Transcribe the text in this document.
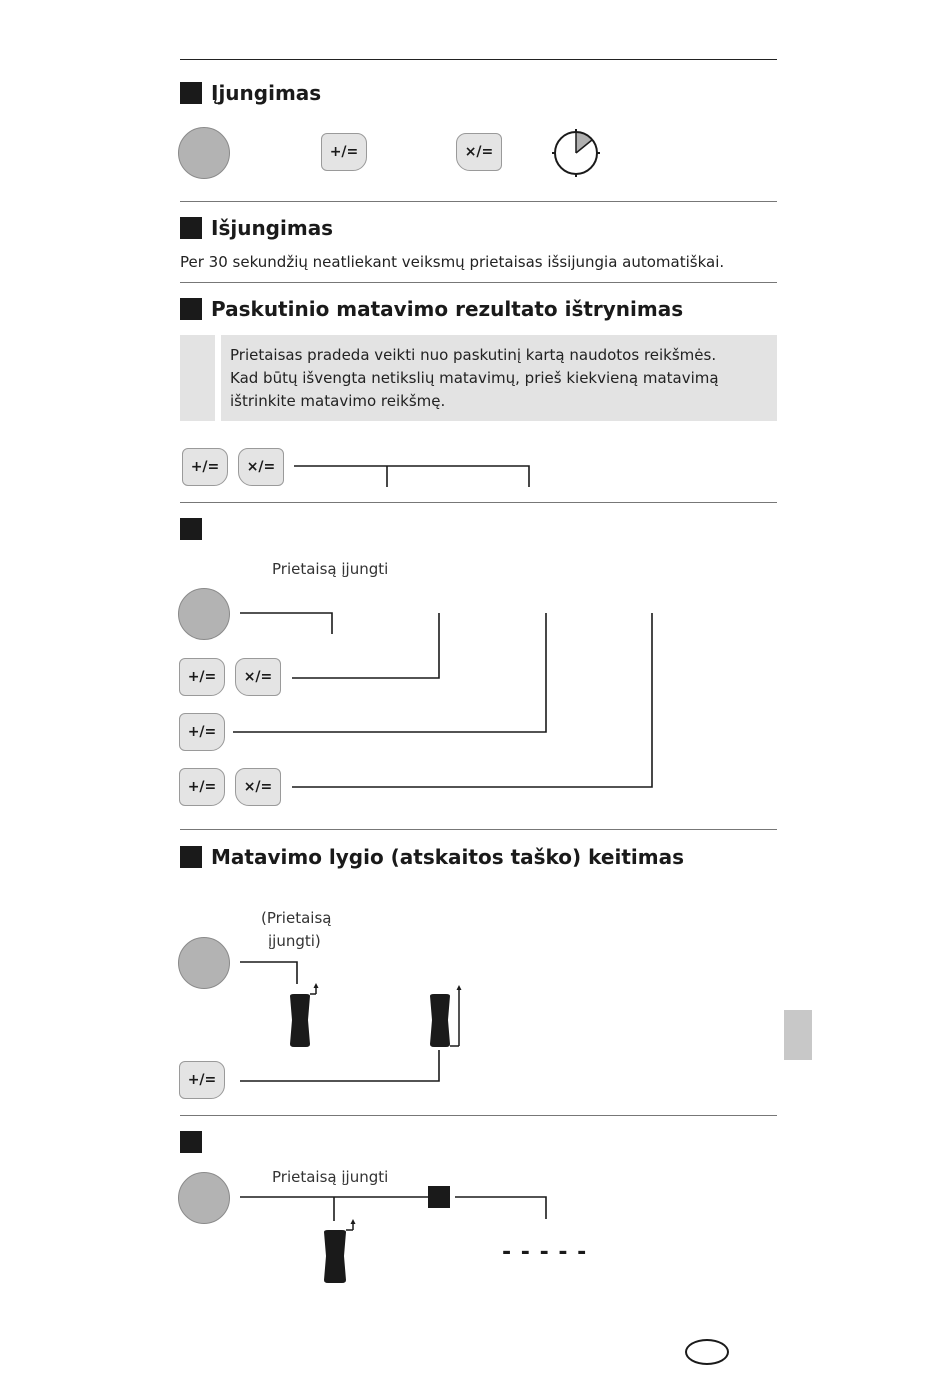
Įjungimas
+/=	×/=
Išjungimas
Per 30 sekundžių neatliekant veiksmų prietaisas išsijungia automatiškai.
Paskutinio matavimo rezultato ištrynimas
Prietaisas pradeda veikti nuo paskutinį kartą naudotos reikšmės.
Kad būtų išvengta netikslių matavimų, prieš kiekvieną matavimą
ištrinkite matavimo reikšmę.
+/=	×/=
Prietaisą įjungti
+/=	×/=
+/=
+/=	×/=
Matavimo lygio (atskaitos taško) keitimas
(Prietaisą
įjungti)
+/=
Prietaisą įjungti
- - - - -
